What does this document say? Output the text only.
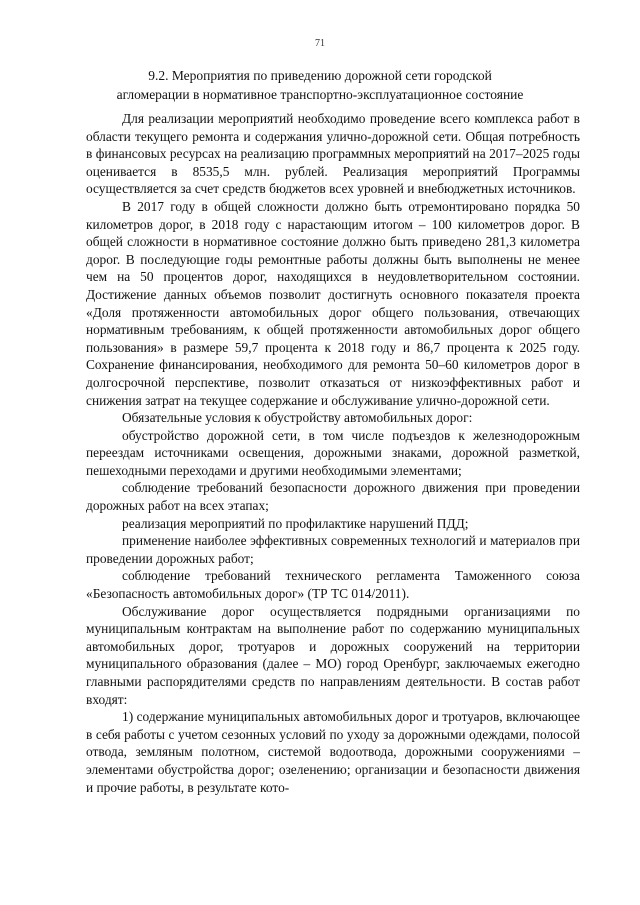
71
9.2. Мероприятия по приведению дорожной сети городской
агломерации в нормативное транспортно-эксплуатационное состояние

Для реализации мероприятий необходимо проведение всего комплекса работ в области текущего ремонта и содержания улично-дорожной сети. Общая потребность в финансовых ресурсах на реализацию программных мероприятий на 2017–2025 годы оценивается в 8535,5 млн. рублей. Реализация мероприятий Программы осуществляется за счет средств бюджетов всех уровней и внебюджетных источников.

В 2017 году в общей сложности должно быть отремонтировано порядка 50 километров дорог, в 2018 году с нарастающим итогом – 100 километров дорог. В общей сложности в нормативное состояние должно быть приведено 281,3 километра дорог. В последующие годы ремонтные работы должны быть выполнены не менее чем на 50 процентов дорог, находящихся в неудовлетворительном состоянии. Достижение данных объемов позволит достигнуть основного показателя проекта «Доля протяженности автомобильных дорог общего пользования, отвечающих нормативным требованиям, к общей протяженности автомобильных дорог общего пользования» в размере 59,7 процента к 2018 году и 86,7 процента к 2025 году. Сохранение финансирования, необходимого для ремонта 50–60 километров дорог в долгосрочной перспективе, позволит отказаться от низкоэффективных работ и снижения затрат на текущее содержание и обслуживание улично-дорожной сети.

Обязательные условия к обустройству автомобильных дорог:

обустройство дорожной сети, в том числе подъездов к железнодорожным переездам источниками освещения, дорожными знаками, дорожной разметкой, пешеходными переходами и другими необходимыми элементами;

соблюдение требований безопасности дорожного движения при проведении дорожных работ на всех этапах;

реализация мероприятий по профилактике нарушений ПДД;

применение наиболее эффективных современных технологий и материалов при проведении дорожных работ;

соблюдение требований технического регламента Таможенного союза «Безопасность автомобильных дорог» (ТР ТС 014/2011).

Обслуживание дорог осуществляется подрядными организациями по муниципальным контрактам на выполнение работ по содержанию муниципальных автомобильных дорог, тротуаров и дорожных сооружений на территории муниципального образования (далее – МО) город Оренбург, заключаемых ежегодно главными распорядителями средств по направлениям деятельности. В состав работ входят:

1) содержание муниципальных автомобильных дорог и тротуаров, включающее в себя работы с учетом сезонных условий по уходу за дорожными одеждами, полосой отвода, земляным полотном, системой водоотвода, дорожными сооружениями – элементами обустройства дорог; озеленению; организации и безопасности движения и прочие работы, в результате кото-
